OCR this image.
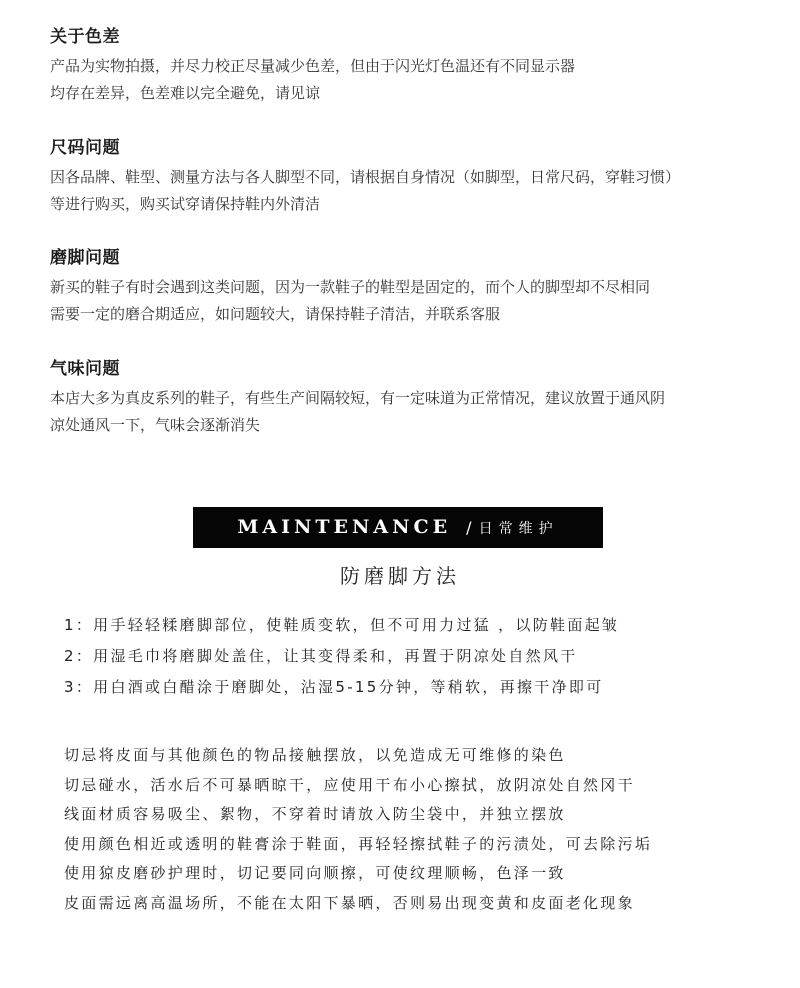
关于色差
产品为实物拍摄，并尽力校正尽量减少色差，但由于闪光灯色温还有不同显示器
均存在差异，色差难以完全避免，请见谅
尺码问题
因各品牌、鞋型、测量方法与各人脚型不同，请根据自身情况（如脚型，日常尺码，穿鞋习惯）
等进行购买，购买试穿请保持鞋内外清洁
磨脚问题
新买的鞋子有时会遇到这类问题，因为一款鞋子的鞋型是固定的，而个人的脚型却不尽相同
需要一定的磨合期适应，如问题较大，请保持鞋子清洁，并联系客服
气味问题
本店大多为真皮系列的鞋子，有些生产间隔较短，有一定味道为正常情况，建议放置于通风阴
凉处通风一下，气味会逐渐消失
MAINTENANCE / 日常维护
防磨脚方法
1：用手轻轻糅磨脚部位，使鞋质变软，但不可用力过猛 ，以防鞋面起皱
2：用湿毛巾将磨脚处盖住，让其变得柔和，再置于阴凉处自然风干
3：用白酒或白醋涂于磨脚处，沾湿5-15分钟，等稍软，再擦干净即可
切忌将皮面与其他颜色的物品接触摆放，以免造成无可维修的染色
切忌碰水，活水后不可暴晒晾干，应使用干布小心擦拭，放阴凉处自然冈干
线面材质容易吸尘、絮物，不穿着时请放入防尘袋中，并独立摆放
使用颜色相近或透明的鞋膏涂于鞋面，再轻轻擦拭鞋子的污渍处，可去除污垢
使用猄皮磨砂护理时，切记要同向顺擦，可使纹理顺畅，色泽一致
皮面需远离高温场所，不能在太阳下暴晒，否则易出现变黄和皮面老化现象
